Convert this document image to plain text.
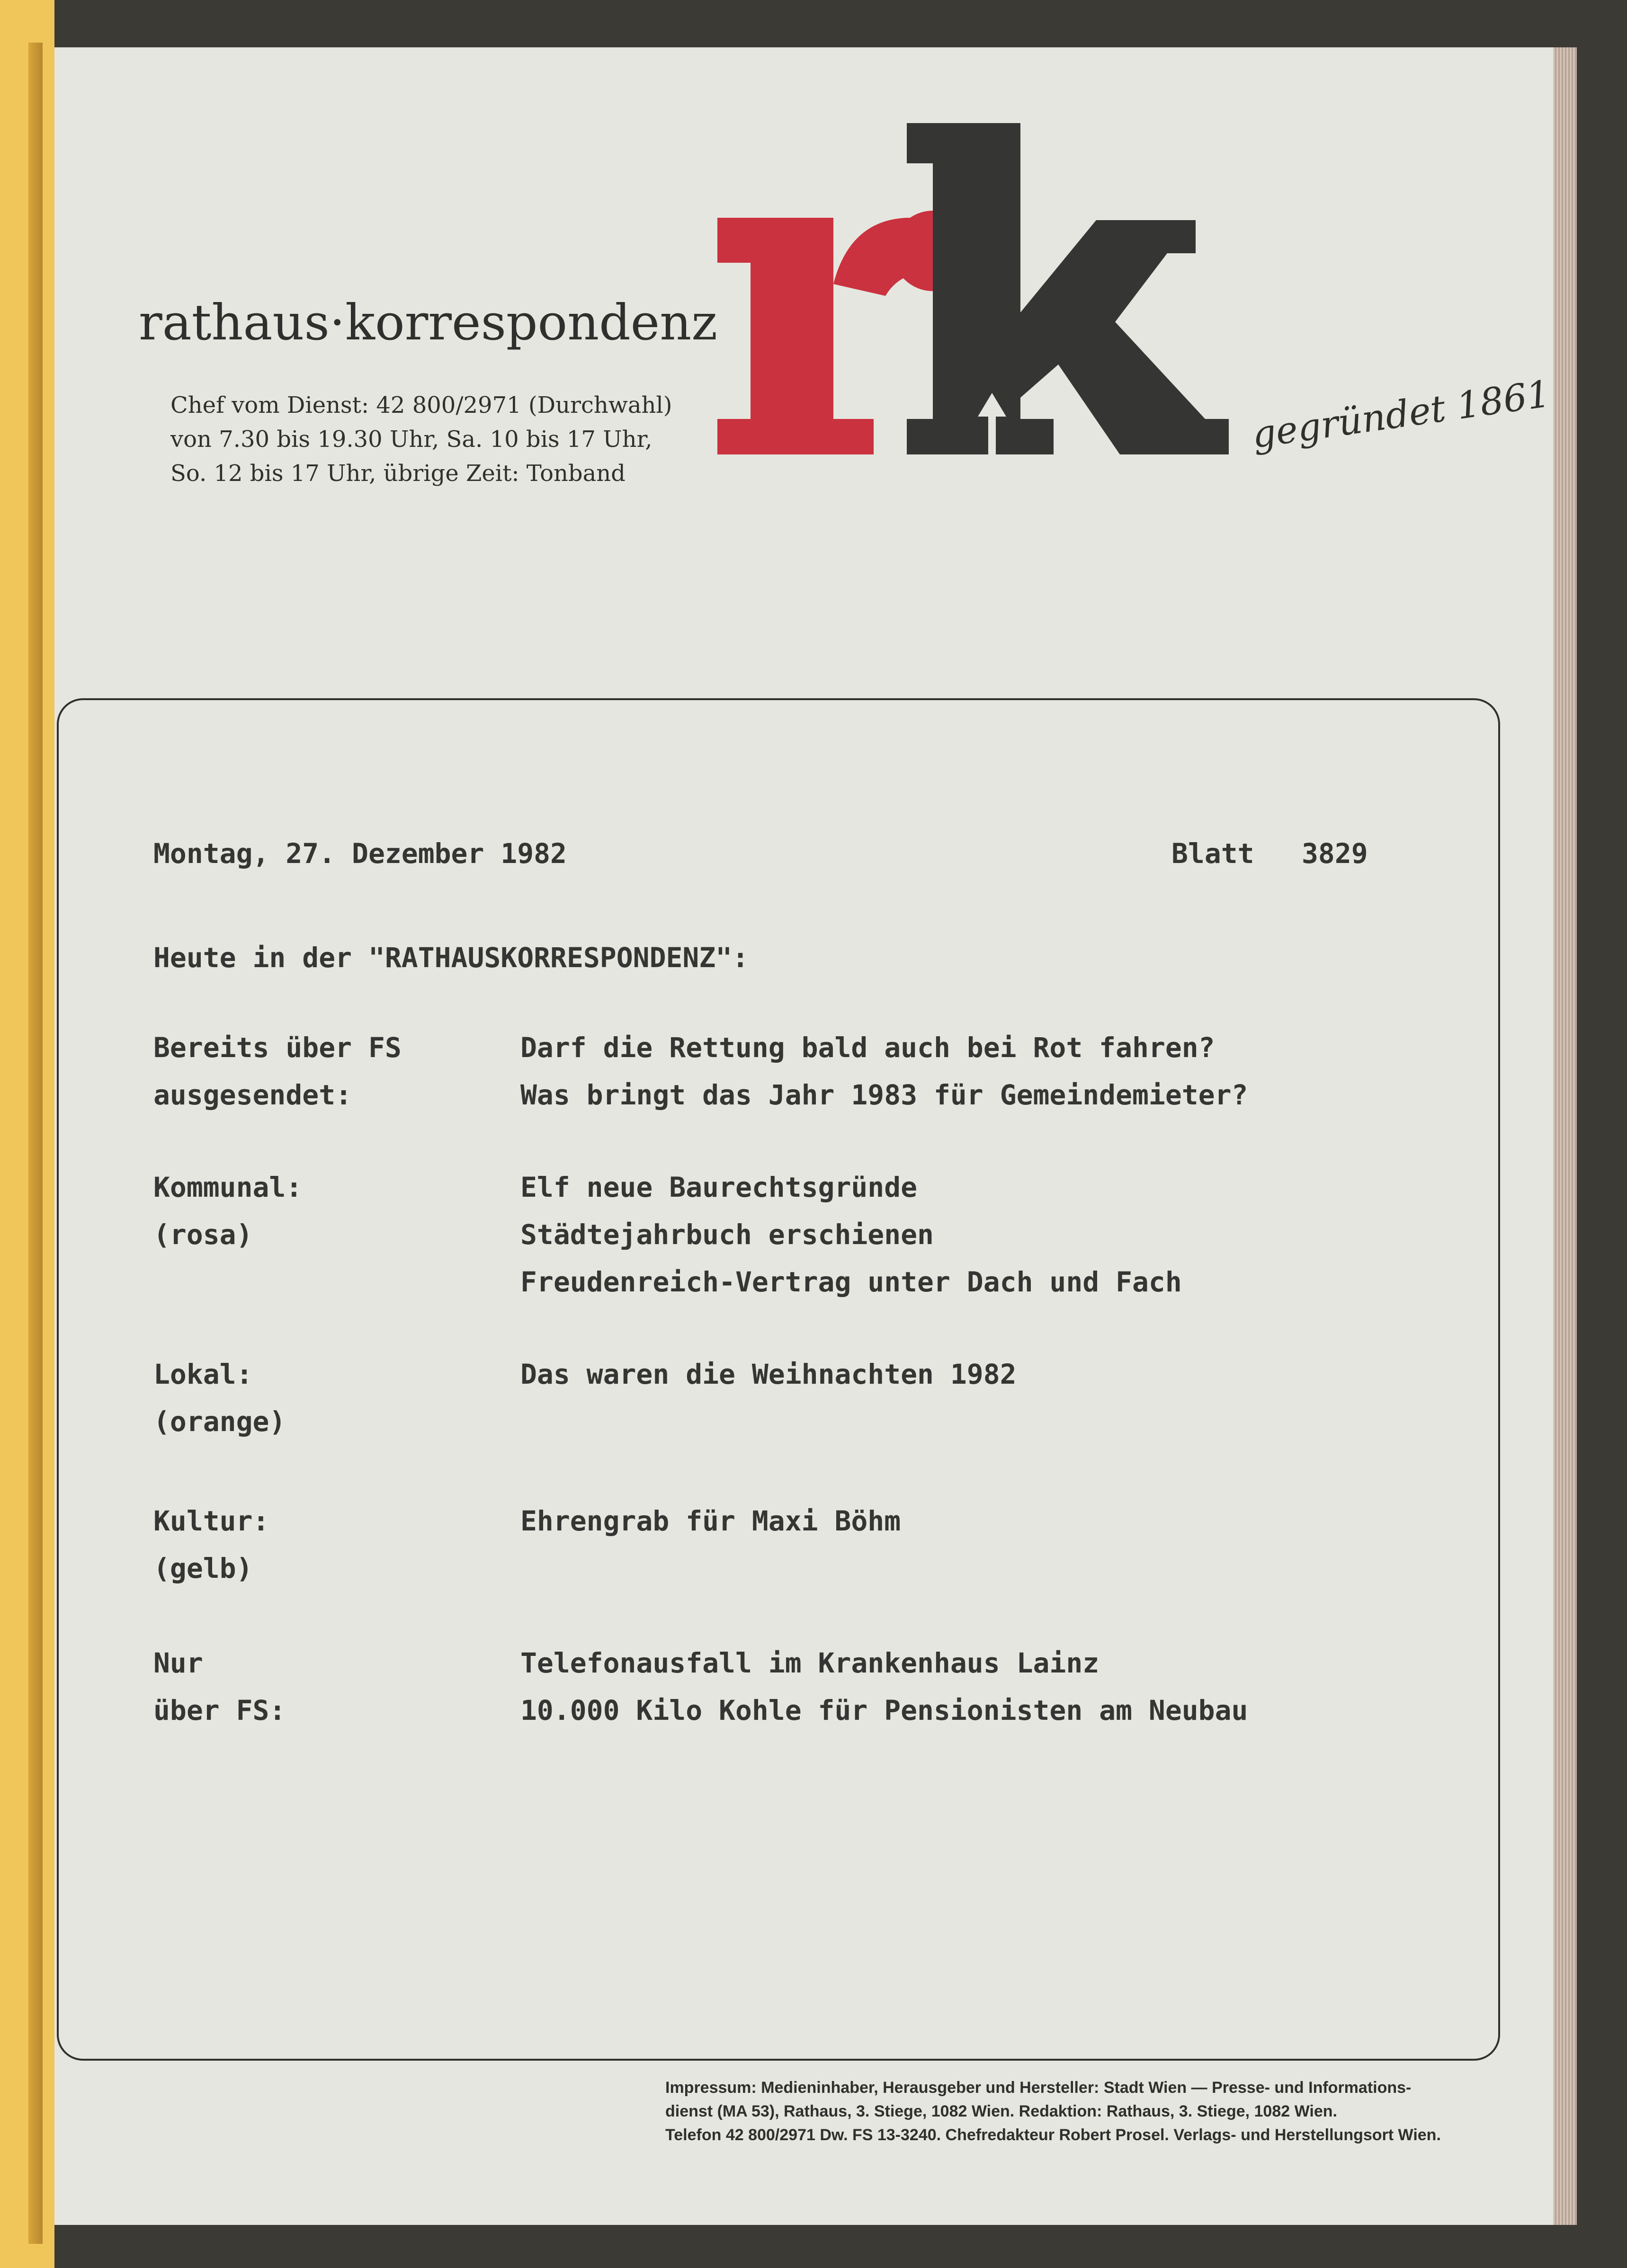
rathaus·korrespondenz
Chef vom Dienst: 42 800/2971 (Durchwahl)
von 7.30 bis 19.30 Uhr, Sa. 10 bis 17 Uhr,
So. 12 bis 17 Uhr, übrige Zeit: Tonband
gegründet 1861
Montag, 27. Dezember 1982	Blatt 3829
Heute in der "RATHAUSKORRESPONDENZ":
Bereits über FS
ausgesendet:
Darf die Rettung bald auch bei Rot fahren?
Was bringt das Jahr 1983 für Gemeindemieter?
Kommunal:
(rosa)
Elf neue Baurechtsgründe
Städtejahrbuch erschienen
Freudenreich-Vertrag unter Dach und Fach
Lokal:
(orange)
Das waren die Weihnachten 1982
Kultur:
(gelb)
Ehrengrab für Maxi Böhm
Nur
über FS:
Telefonausfall im Krankenhaus Lainz
10.000 Kilo Kohle für Pensionisten am Neubau
Impressum: Medieninhaber, Herausgeber und Hersteller: Stadt Wien — Presse- und Informations-
dienst (MA 53), Rathaus, 3. Stiege, 1082 Wien. Redaktion: Rathaus, 3. Stiege, 1082 Wien.
Telefon 42 800/2971 Dw. FS 13-3240. Chefredakteur Robert Prosel. Verlags- und Herstellungsort Wien.
